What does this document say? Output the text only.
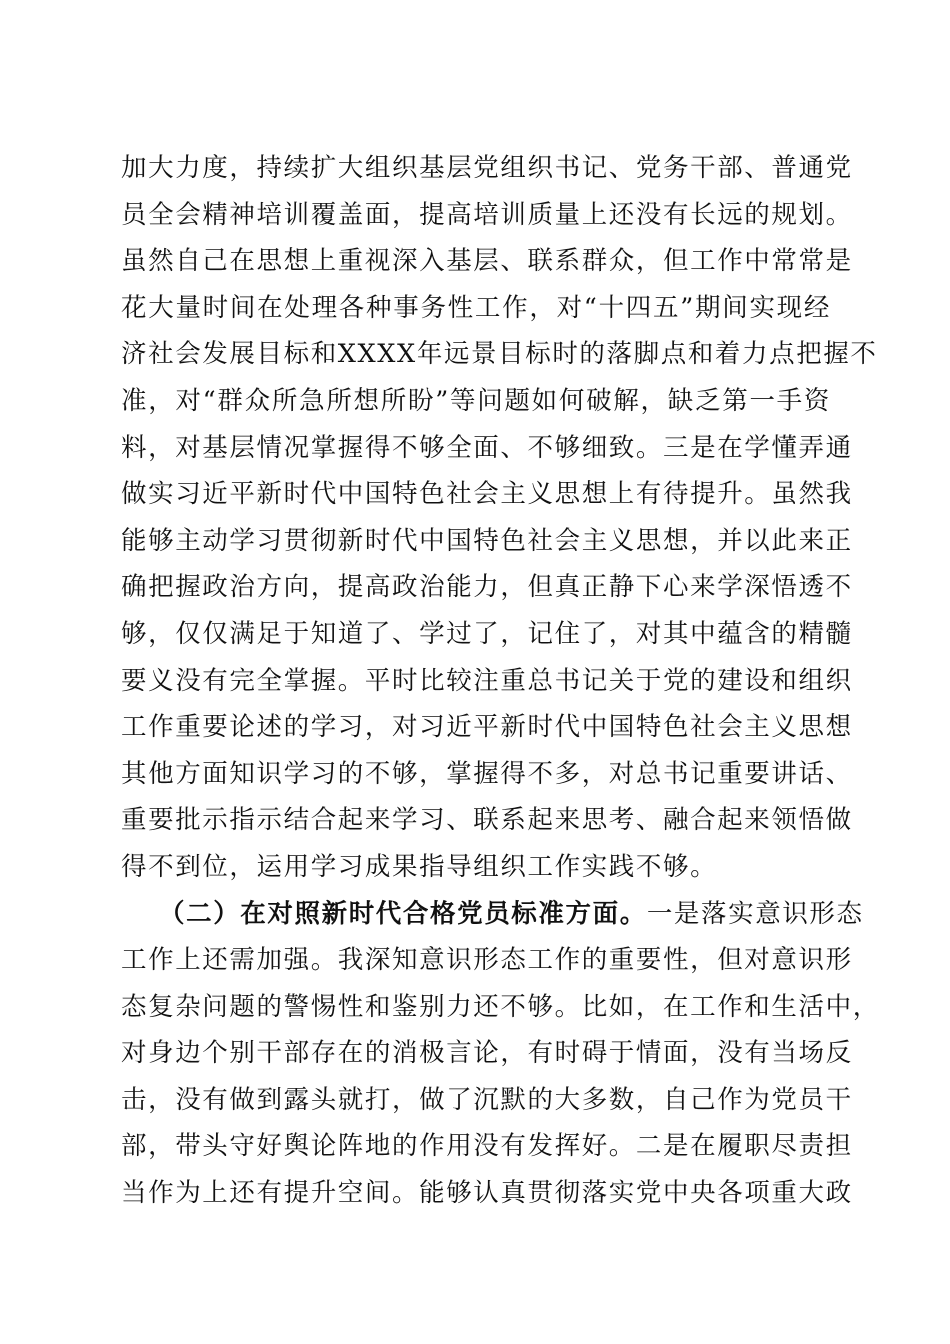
加大力度，持续扩大组织基层党组织书记、党务干部、普通党
员全会精神培训覆盖面，提高培训质量上还没有长远的规划。
虽然自己在思想上重视深入基层、联系群众，但工作中常常是
花大量时间在处理各种事务性工作，对“十四五”期间实现经
济社会发展目标和XXXX年远景目标时的落脚点和着力点把握不
准，对“群众所急所想所盼”等问题如何破解，缺乏第一手资
料，对基层情况掌握得不够全面、不够细致。三是在学懂弄通
做实习近平新时代中国特色社会主义思想上有待提升。虽然我
能够主动学习贯彻新时代中国特色社会主义思想，并以此来正
确把握政治方向，提高政治能力，但真正静下心来学深悟透不
够，仅仅满足于知道了、学过了，记住了，对其中蕴含的精髓
要义没有完全掌握。平时比较注重总书记关于党的建设和组织
工作重要论述的学习，对习近平新时代中国特色社会主义思想
其他方面知识学习的不够，掌握得不多，对总书记重要讲话、
重要批示指示结合起来学习、联系起来思考、融合起来领悟做
得不到位，运用学习成果指导组织工作实践不够。
（二）在对照新时代合格党员标准方面。一是落实意识形态
工作上还需加强。我深知意识形态工作的重要性，但对意识形
态复杂问题的警惕性和鉴别力还不够。比如，在工作和生活中，
对身边个别干部存在的消极言论，有时碍于情面，没有当场反
击，没有做到露头就打，做了沉默的大多数，自己作为党员干
部，带头守好舆论阵地的作用没有发挥好。二是在履职尽责担
当作为上还有提升空间。能够认真贯彻落实党中央各项重大政
